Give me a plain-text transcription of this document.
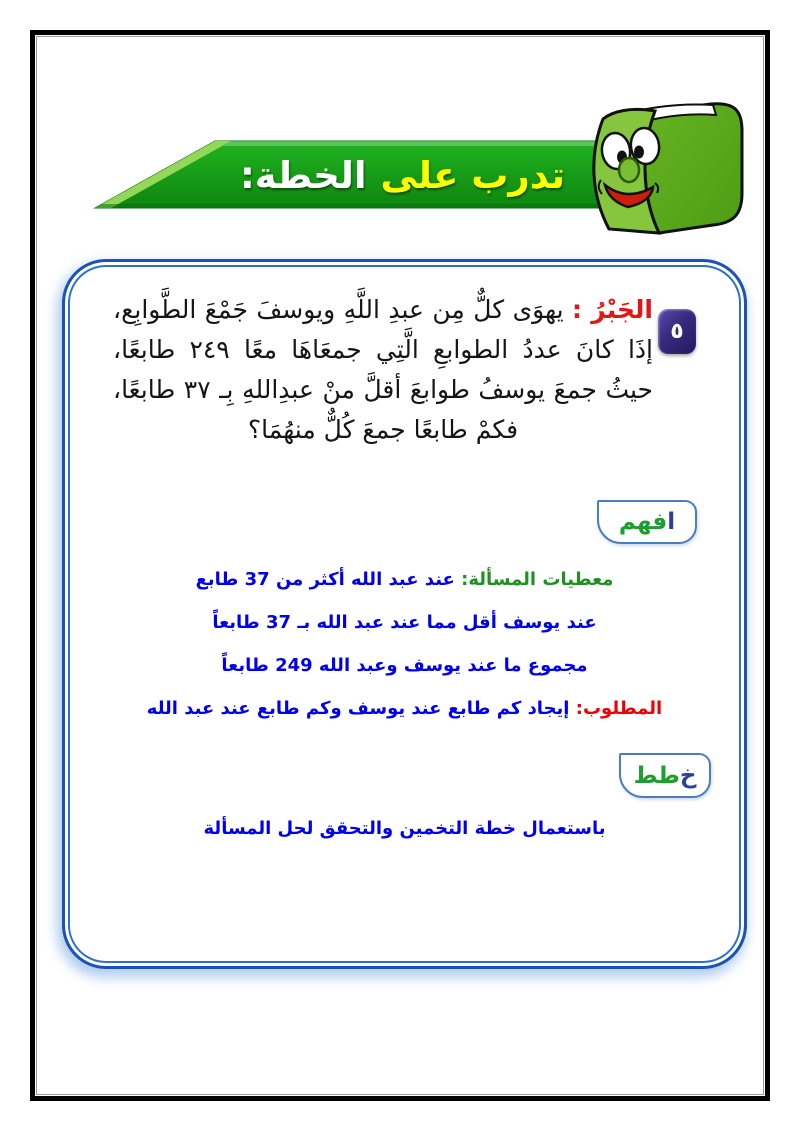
تدرب على
الخطة:
٥

الجَبْرُ : يهوَى كلٌّ مِن عبدِ اللَّهِ ويوسفَ جَمْعَ الطَّوابِع، إذَا كانَ عددُ الطوابعِ الَّتِي جمعَاهَا معًا ٢٤٩ طابعًا، حيثُ جمعَ يوسفُ طوابعَ أقلَّ منْ عبدِاللهِ بِـ ٣٧ طابعًا، فكمْ طابعًا جمعَ كُلٌّ منهُمَا؟

ا
فهم
معطيات المسألة: عند عبد الله أكثر من 37 طابع
عند يوسف أقل مما عند عبد الله بـ 37 طابعاً
مجموع ما عند يوسف وعبد الله 249 طابعاً
المطلوب: إيجاد كم طابع عند يوسف وكم طابع عند عبد الله
خ
طط
باستعمال خطة التخمين والتحقق لحل المسألة
